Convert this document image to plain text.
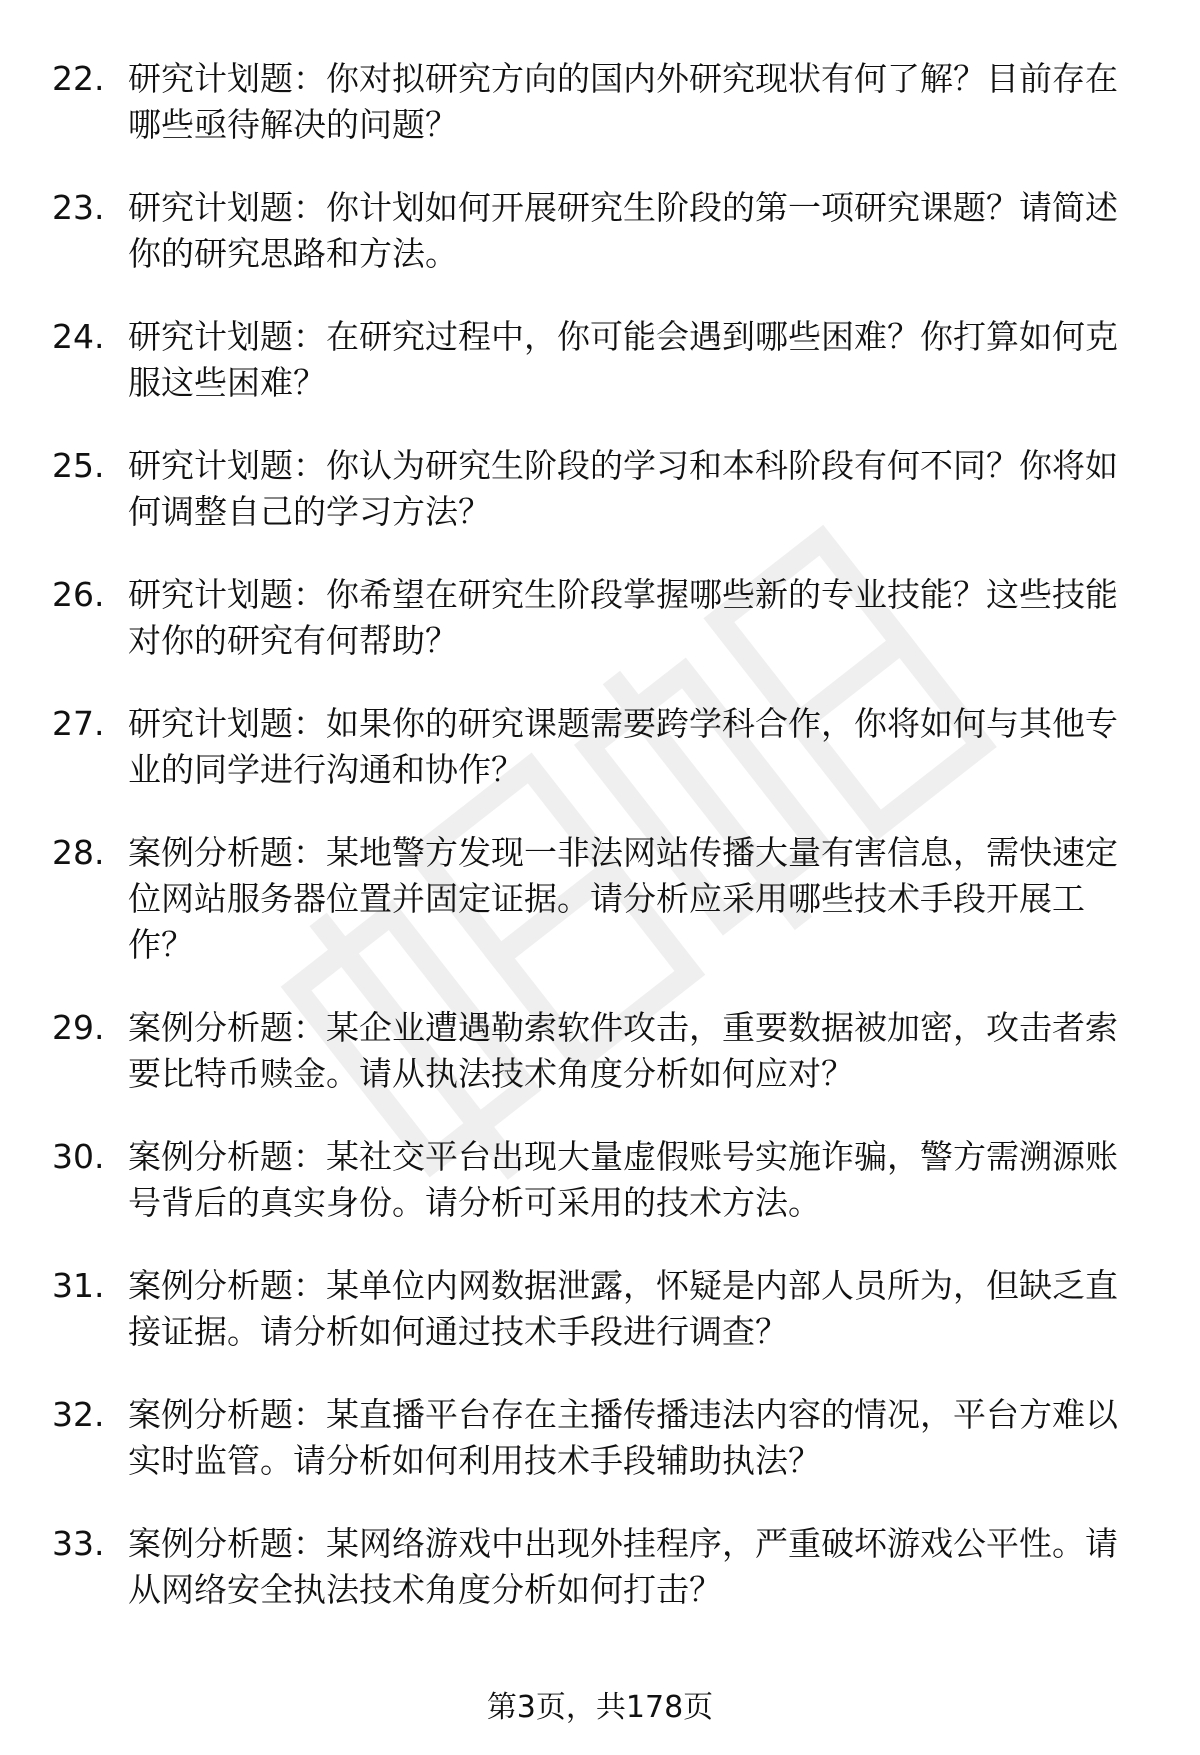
22. 研究计划题：你对拟研究方向的国内外研究现状有何了解？目前存在哪些亟待解决的问题？
23. 研究计划题：你计划如何开展研究生阶段的第一项研究课题？请简述你的研究思路和方法。
24. 研究计划题：在研究过程中，你可能会遇到哪些困难？你打算如何克服这些困难？
25. 研究计划题：你认为研究生阶段的学习和本科阶段有何不同？你将如何调整自己的学习方法？
26. 研究计划题：你希望在研究生阶段掌握哪些新的专业技能？这些技能对你的研究有何帮助？
27. 研究计划题：如果你的研究课题需要跨学科合作，你将如何与其他专业的同学进行沟通和协作？
28. 案例分析题：某地警方发现一非法网站传播大量有害信息，需快速定位网站服务器位置并固定证据。请分析应采用哪些技术手段开展工作？
29. 案例分析题：某企业遭遇勒索软件攻击，重要数据被加密，攻击者索要比特币赎金。请从执法技术角度分析如何应对？
30. 案例分析题：某社交平台出现大量虚假账号实施诈骗，警方需溯源账号背后的真实身份。请分析可采用的技术方法。
31. 案例分析题：某单位内网数据泄露，怀疑是内部人员所为，但缺乏直接证据。请分析如何通过技术手段进行调查？
32. 案例分析题：某直播平台存在主播传播违法内容的情况，平台方难以实时监管。请分析如何利用技术手段辅助执法？
33. 案例分析题：某网络游戏中出现外挂程序，严重破坏游戏公平性。请从网络安全执法技术角度分析如何打击？
第3页，共178页
